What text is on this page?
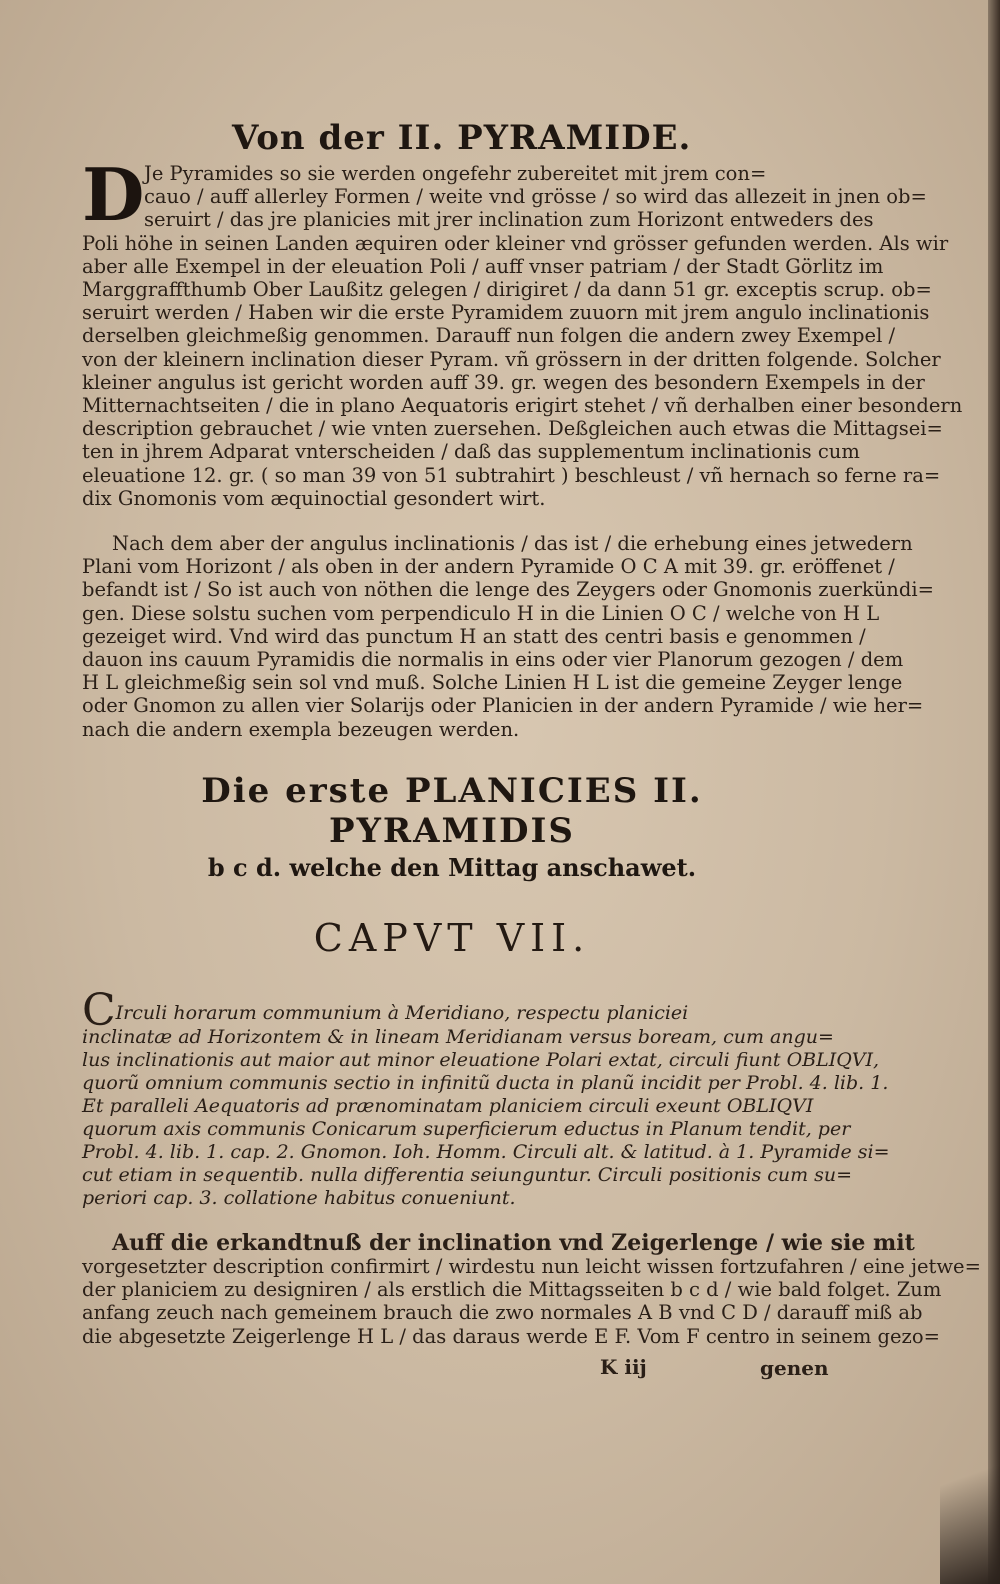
Von der II. PYRAMIDE.
D Je Pyramides so sie werden ongefehr zubereitet mit jrem con=
cauo / auff allerley Formen / weite vnd grösse / so wird das allezeit in jnen ob=
seruirt / das jre planicies mit jrer inclination zum Horizont entweders des
Poli höhe in seinen Landen æquiren oder kleiner vnd grösser gefunden werden. Als wir
aber alle Exempel in der eleuation Poli / auff vnser patriam / der Stadt Görlitz im
Marggraffthumb Ober Laußitz gelegen / dirigiret / da dann 51 gr. exceptis scrup. ob=
seruirt werden / Haben wir die erste Pyramidem zuuorn mit jrem angulo inclinationis
derselben gleichmeßig genommen. Darauff nun folgen die andern zwey Exempel /
von der kleinern inclination dieser Pyram. vñ grössern in der dritten folgende. Solcher
kleiner angulus ist gericht worden auff 39. gr. wegen des besondern Exempels in der
Mitternachtseiten / die in plano Aequatoris erigirt stehet / vñ derhalben einer besondern
description gebrauchet / wie vnten zuersehen. Deßgleichen auch etwas die Mittagsei=
ten in jhrem Adparat vnterscheiden / daß das supplementum inclinationis cum
eleuatione 12. gr. ( so man 39 von 51 subtrahirt ) beschleust / vñ hernach so ferne ra=
dix Gnomonis vom æquinoctial gesondert wirt.
Nach dem aber der angulus inclinationis / das ist / die erhebung eines jetwedern
Plani vom Horizont / als oben in der andern Pyramide O C A mit 39. gr. eröffenet /
befandt ist / So ist auch von nöthen die lenge des Zeygers oder Gnomonis zuerkündi=
gen. Diese solstu suchen vom perpendiculo H in die Linien O C / welche von H L
gezeiget wird. Vnd wird das punctum H an statt des centri basis e genommen /
dauon ins cauum Pyramidis die normalis in eins oder vier Planorum gezogen / dem
H L gleichmeßig sein sol vnd muß. Solche Linien H L ist die gemeine Zeyger lenge
oder Gnomon zu allen vier Solarijs oder Planicien in der andern Pyramide / wie her=
nach die andern exempla bezeugen werden.
Die erste PLANICIES II. PYRAMIDIS
b c d. welche den Mittag anschawet.
CAPVT VII.
CIrculi horarum communium à Meridiano, respectu planiciei
inclinatæ ad Horizontem & in lineam Meridianam versus boream, cum angu=
lus inclinationis aut maior aut minor eleuatione Polari extat, circuli fiunt OBLIQVI,
quorũ omnium communis sectio in infinitũ ducta in planũ incidit per Probl. 4. lib. 1.
Et paralleli Aequatoris ad prænominatam planiciem circuli exeunt OBLIQVI
quorum axis communis Conicarum superficierum eductus in Planum tendit, per
Probl. 4. lib. 1. cap. 2. Gnomon. Ioh. Homm. Circuli alt. & latitud. à 1. Pyramide si=
cut etiam in sequentib. nulla differentia seiunguntur. Circuli positionis cum su=
periori cap. 3. collatione habitus conueniunt.
Auff die erkandtnuß der inclination vnd Zeigerlenge / wie sie mit
vorgesetzter description confirmirt / wirdestu nun leicht wissen fortzufahren / eine jetwe=
der planiciem zu designiren / als erstlich die Mittagsseiten b c d / wie bald folget. Zum
anfang zeuch nach gemeinem brauch die zwo normales A B vnd C D / darauff miß ab
die abgesetzte Zeigerlenge H L / das daraus werde E F. Vom F centro in seinem gezo=
K iij	genen
